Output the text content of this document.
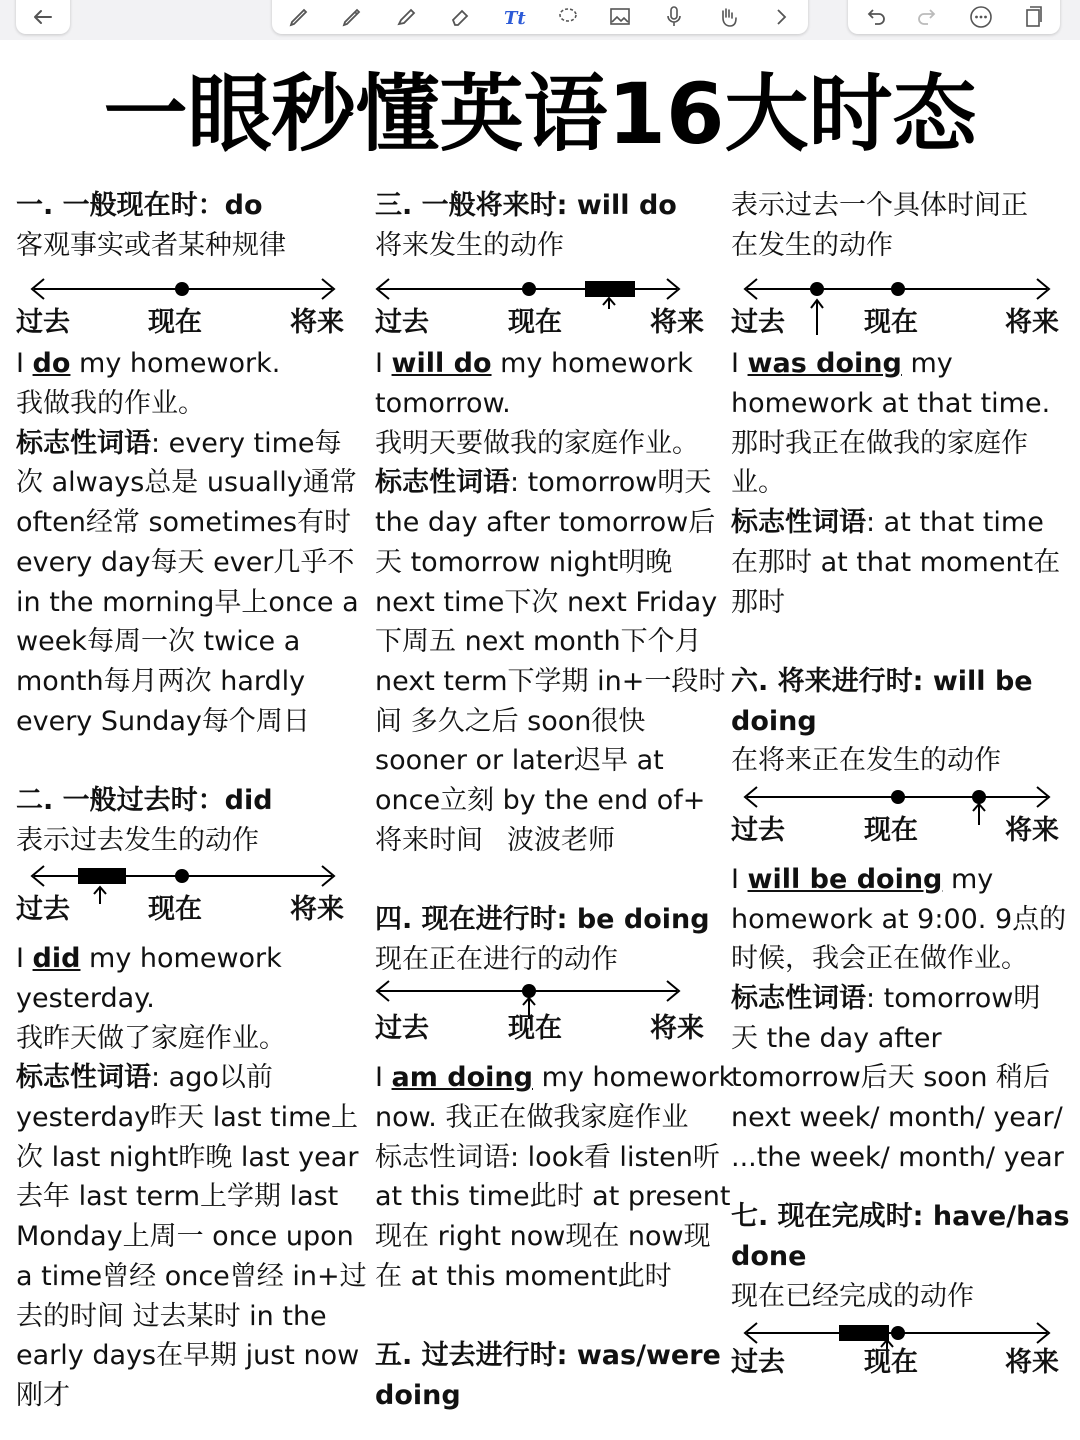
Tt
一眼秒懂英语16大时态
一. 一般现在时：do
客观事实或者某种规律
过去	现在	将来
I do my homework.
我做我的作业。
标志性词语: every time每
次 always总是 usually通常
often经常 sometimes有时
every day每天 ever几乎不
in the morning早上once a
week每周一次 twice a
month每月两次 hardly
every Sunday每个周日
二. 一般过去时：did
表示过去发生的动作
过去	现在	将来
I did my homework
yesterday.
我昨天做了家庭作业。
标志性词语: ago以前
yesterday昨天 last time上
次 last night昨晚 last year
去年 last term上学期 last
Monday上周一 once upon
a time曾经 once曾经 in+过
去的时间 过去某时 in the
early days在早期 just now
刚才
三. 一般将来时: will do
将来发生的动作
过去	现在	将来
I will do my homework
tomorrow.
我明天要做我的家庭作业。
标志性词语: tomorrow明天
the day after tomorrow后
天 tomorrow night明晚
next time下次 next Friday
下周五 next month下个月
next term下学期 in+一段时
间 多久之后 soon很快
sooner or later迟早 at
once立刻 by the end of+
将来时间 波波老师
四. 现在进行时: be doing
现在正在进行的动作
过去	现在	将来
I am doing my homework
now. 我正在做我家庭作业
标志性词语: look看 listen听
at this time此时 at present
现在 right now现在 now现
在 at this moment此时
五. 过去进行时: was/were
doing
表示过去一个具体时间正
在发生的动作
过去	现在	将来
I was doing my
homework at that time.
那时我正在做我的家庭作
业。
标志性词语: at that time
在那时 at that moment在
那时
六. 将来进行时: will be
doing
在将来正在发生的动作
过去	现在	将来
I will be doing my
homework at 9:00. 9点的
时候，我会正在做作业。
标志性词语: tomorrow明
天 the day after
tomorrow后天 soon 稍后
next week/ month/ year/
...the week/ month/ year
七. 现在完成时: have/has
done
现在已经完成的动作
过去	现在	将来
